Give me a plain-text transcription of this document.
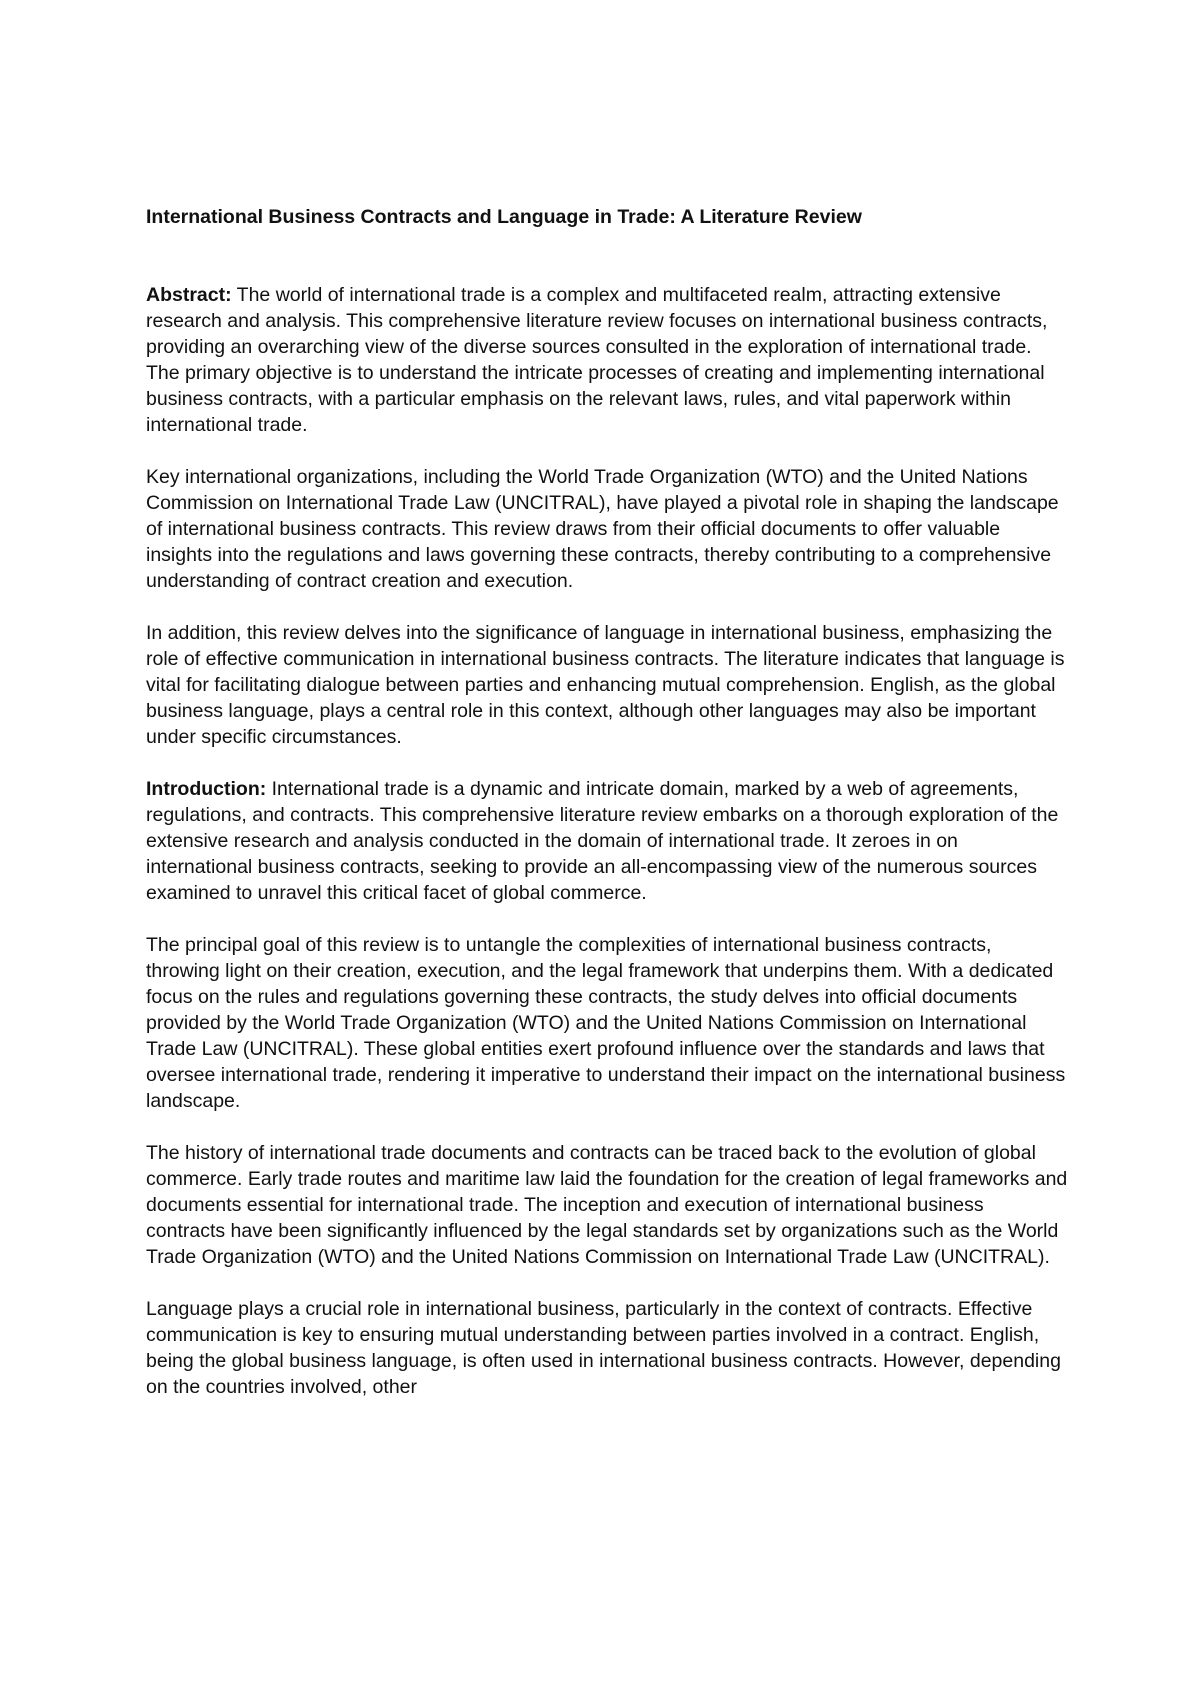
International Business Contracts and Language in Trade: A Literature Review

Abstract: The world of international trade is a complex and multifaceted realm, attracting extensive research and analysis. This comprehensive literature review focuses on international business contracts, providing an overarching view of the diverse sources consulted in the exploration of international trade. The primary objective is to understand the intricate processes of creating and implementing international business contracts, with a particular emphasis on the relevant laws, rules, and vital paperwork within international trade.

Key international organizations, including the World Trade Organization (WTO) and the United Nations Commission on International Trade Law (UNCITRAL), have played a pivotal role in shaping the landscape of international business contracts. This review draws from their official documents to offer valuable insights into the regulations and laws governing these contracts, thereby contributing to a comprehensive understanding of contract creation and execution.

In addition, this review delves into the significance of language in international business, emphasizing the role of effective communication in international business contracts. The literature indicates that language is vital for facilitating dialogue between parties and enhancing mutual comprehension. English, as the global business language, plays a central role in this context, although other languages may also be important under specific circumstances.

Introduction: International trade is a dynamic and intricate domain, marked by a web of agreements, regulations, and contracts. This comprehensive literature review embarks on a thorough exploration of the extensive research and analysis conducted in the domain of international trade. It zeroes in on international business contracts, seeking to provide an all-encompassing view of the numerous sources examined to unravel this critical facet of global commerce.

The principal goal of this review is to untangle the complexities of international business contracts, throwing light on their creation, execution, and the legal framework that underpins them. With a dedicated focus on the rules and regulations governing these contracts, the study delves into official documents provided by the World Trade Organization (WTO) and the United Nations Commission on International Trade Law (UNCITRAL). These global entities exert profound influence over the standards and laws that oversee international trade, rendering it imperative to understand their impact on the international business landscape.

The history of international trade documents and contracts can be traced back to the evolution of global commerce. Early trade routes and maritime law laid the foundation for the creation of legal frameworks and documents essential for international trade. The inception and execution of international business contracts have been significantly influenced by the legal standards set by organizations such as the World Trade Organization (WTO) and the United Nations Commission on International Trade Law (UNCITRAL).

Language plays a crucial role in international business, particularly in the context of contracts. Effective communication is key to ensuring mutual understanding between parties involved in a contract. English, being the global business language, is often used in international business contracts. However, depending on the countries involved, other
